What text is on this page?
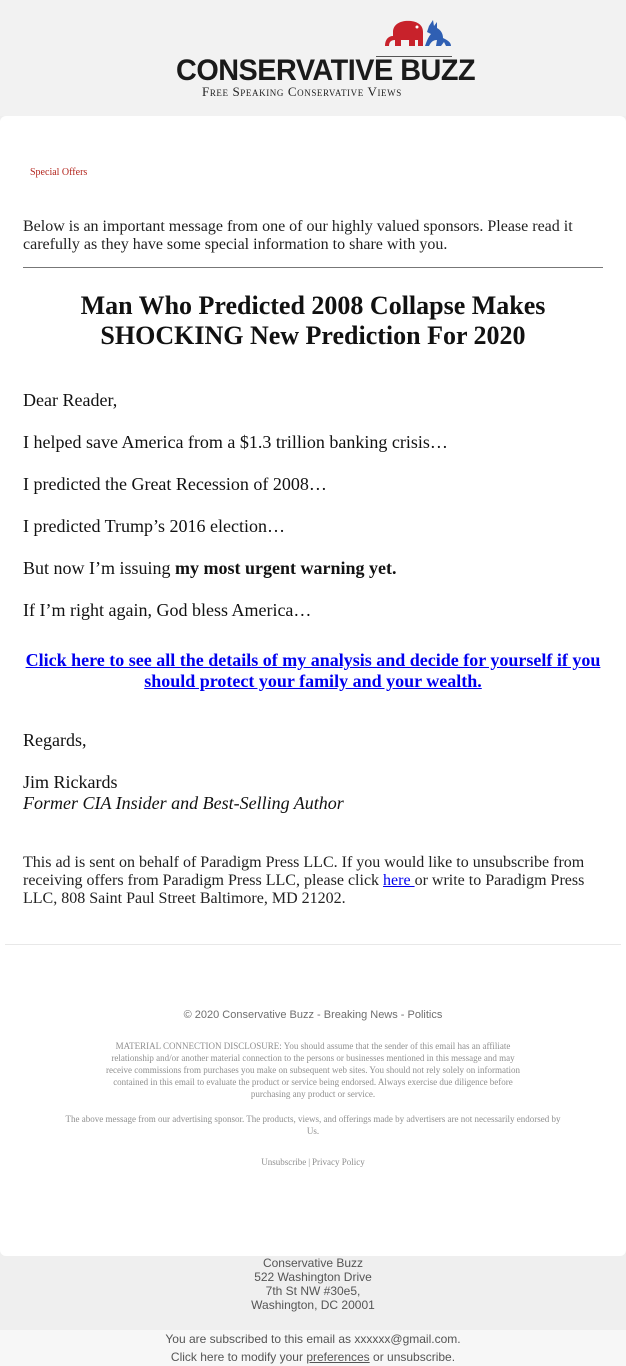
CONSERVATIVE BUZZ
Free Speaking Conservative Views
Special Offers
Below is an important message from one of our highly valued sponsors. Please read it carefully as they have some special information to share with you.
Man Who Predicted 2008 Collapse Makes SHOCKING New Prediction For 2020
Dear Reader,
I helped save America from a $1.3 trillion banking crisis…
I predicted the Great Recession of 2008…
I predicted Trump’s 2016 election…
But now I’m issuing my most urgent warning yet.
If I’m right again, God bless America…
Click here to see all the details of my analysis and decide for yourself if you should protect your family and your wealth.
Regards,
Jim Rickards
Former CIA Insider and Best-Selling Author
This ad is sent on behalf of Paradigm Press LLC. If you would like to unsubscribe from receiving offers from Paradigm Press LLC, please click here or write to Paradigm Press LLC, 808 Saint Paul Street Baltimore, MD 21202.
© 2020 Conservative Buzz - Breaking News - Politics
MATERIAL CONNECTION DISCLOSURE: You should assume that the sender of this email has an affiliate relationship and/or another material connection to the persons or businesses mentioned in this message and may receive commissions from purchases you make on subsequent web sites. You should not rely solely on information contained in this email to evaluate the product or service being endorsed. Always exercise due diligence before purchasing any product or service.
The above message from our advertising sponsor. The products, views, and offerings made by advertisers are not necessarily endorsed by Us.
Unsubscribe | Privacy Policy
Conservative Buzz
522 Washington Drive
7th St NW #30e5,
Washington, DC 20001
You are subscribed to this email as xxxxxx@gmail.com.
Click here to modify your preferences or unsubscribe.
